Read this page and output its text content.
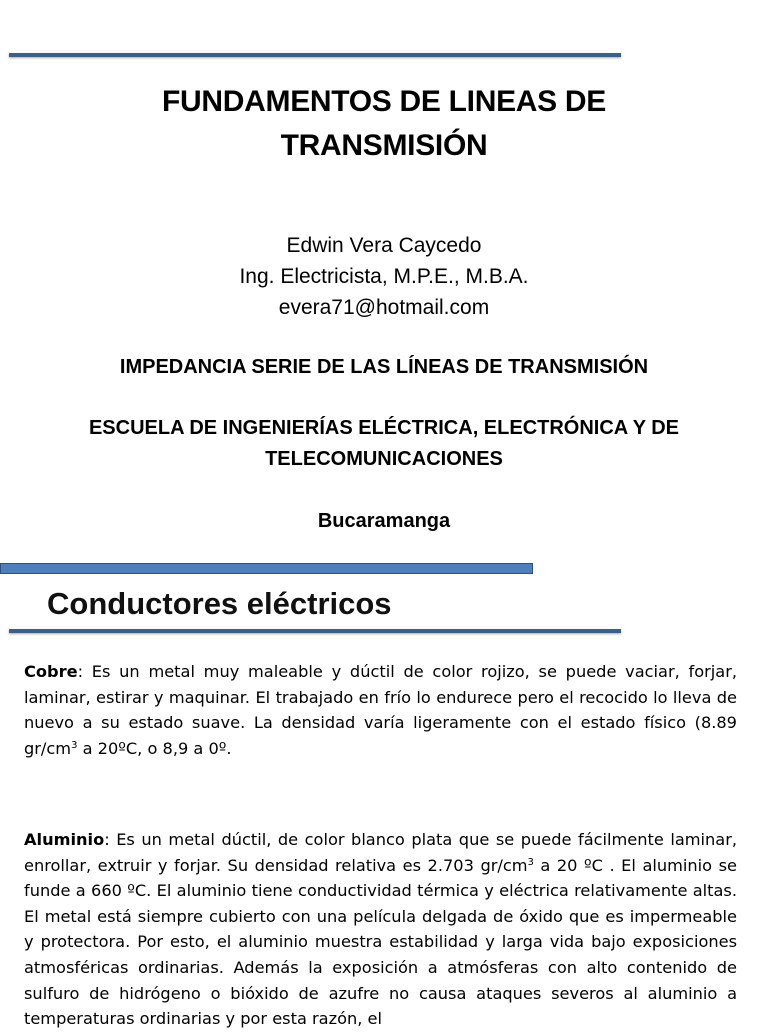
FUNDAMENTOS DE LINEAS DE
TRANSMISIÓN
Edwin Vera Caycedo
Ing. Electricista, M.P.E., M.B.A.
evera71@hotmail.com
IMPEDANCIA SERIE DE LAS LÍNEAS DE TRANSMISIÓN
ESCUELA DE INGENIERÍAS ELÉCTRICA, ELECTRÓNICA Y DE
TELECOMUNICACIONES
Bucaramanga
Conductores eléctricos
Cobre: Es un metal muy maleable y dúctil de color rojizo, se puede vaciar, forjar, laminar, estirar y maquinar. El trabajado en frío lo endurece pero el recocido lo lleva de nuevo a su estado suave. La densidad varía ligeramente con el estado físico (8.89 $gr/cm^3$ a 20ºC, o 8,9 a 0º.
Aluminio: Es un metal dúctil, de color blanco plata que se puede fácilmente laminar, enrollar, extruir y forjar. Su densidad relativa es 2.703 $gr/cm^3$ a 20 ºC . El aluminio se funde a 660 ºC. El aluminio tiene conductividad térmica y eléctrica relativamente altas. El metal está siempre cubierto con una película delgada de óxido que es impermeable y protectora. Por esto, el aluminio muestra estabilidad y larga vida bajo exposiciones atmosféricas ordinarias. Además la exposición a atmósferas con alto contenido de sulfuro de hidrógeno o bióxido de azufre no causa ataques severos al aluminio a temperaturas ordinarias y por esta razón, el
